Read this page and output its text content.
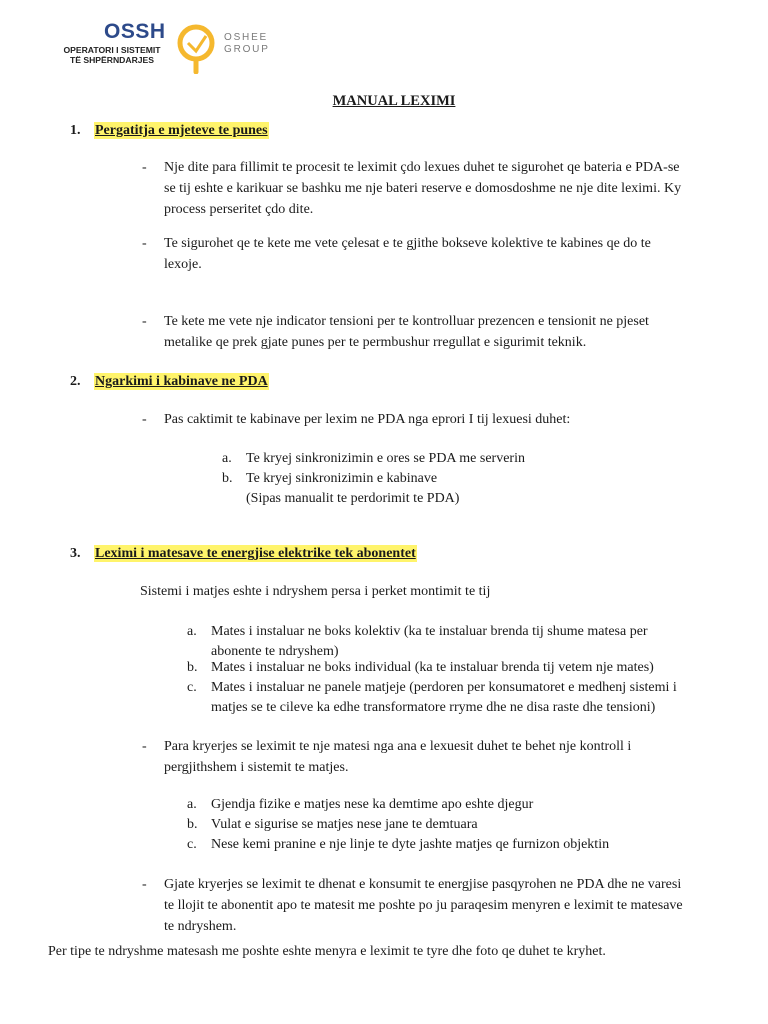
OSSH
OPERATORI I SISTEMIT
TË SHPËRNDARJES
OSHEE
GROUP
MANUAL LEXIMI
1. Pergatitja e mjeteve te punes
- Nje dite para fillimit te procesit te leximit çdo lexues duhet te sigurohet qe bateria e PDA-se
se tij eshte e karikuar se bashku me nje bateri reserve e domosdoshme ne nje dite leximi. Ky
process perseritet çdo dite.
- Te sigurohet qe te kete me vete çelesat e te gjithe bokseve kolektive te kabines qe do te
lexoje.
- Te kete me vete nje indicator tensioni per te kontrolluar prezencen e tensionit ne pjeset
metalike qe prek gjate punes per te permbushur rregullat e sigurimit teknik.
2. Ngarkimi i kabinave ne PDA
- Pas caktimit te kabinave per lexim ne PDA nga eprori I tij lexuesi duhet:
a. Te kryej sinkronizimin e ores se PDA me serverin
b. Te kryej sinkronizimin e kabinave
(Sipas manualit te perdorimit te PDA)
3. Leximi i matesave te energjise elektrike tek abonentet
Sistemi i matjes eshte i ndryshem persa i perket montimit te tij
a. Mates i instaluar ne boks kolektiv (ka te instaluar brenda tij shume matesa per
abonente te ndryshem)
b. Mates i instaluar ne boks individual (ka te instaluar brenda tij vetem nje mates)
c. Mates i instaluar ne panele matjeje (perdoren per konsumatoret e medhenj sistemi i
matjes se te cileve ka edhe transformatore rryme dhe ne disa raste dhe tensioni)
- Para kryerjes se leximit te nje matesi nga ana e lexuesit duhet te behet nje kontroll i
pergjithshem i sistemit te matjes.
a. Gjendja fizike e matjes nese ka demtime apo eshte djegur
b. Vulat e sigurise se matjes nese jane te demtuara
c. Nese kemi pranine e nje linje te dyte jashte matjes qe furnizon objektin
- Gjate kryerjes se leximit te dhenat e konsumit te energjise pasqyrohen ne PDA dhe ne varesi
te llojit te abonentit apo te matesit me poshte po ju paraqesim menyren e leximit te matesave
te ndryshem.
Per tipe te ndryshme matesash me poshte eshte menyra e leximit te tyre dhe foto qe duhet te kryhet.
